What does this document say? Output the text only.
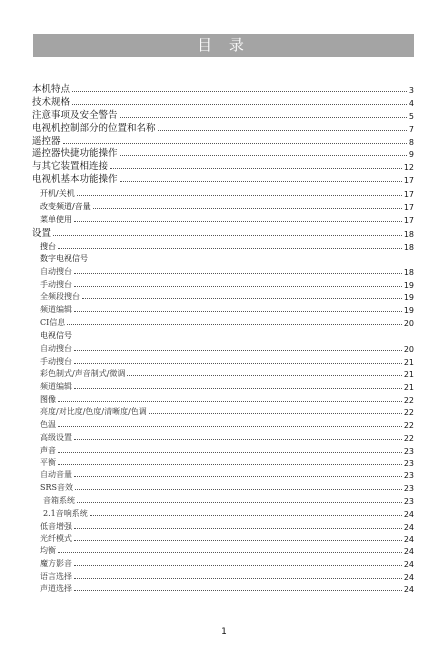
目 录
本机特点	3
技术规格	4
注意事项及安全警告	5
电视机控制部分的位置和名称	7
遥控器	8
遥控器快捷功能操作	9
与其它装置相连接	12
电视机基本功能操作	17
开机/关机	17
改变频道/音量	17
菜单使用	17
设置	18
搜台	18
数字电视信号
自动搜台	18
手动搜台	19
全频段搜台	19
频道编辑	19
CI信息	20
电视信号
自动搜台	20
手动搜台	21
彩色制式/声音制式/微调	21
频道编辑	21
图像	22
亮度/对比度/色度/清晰度/色调	22
色温	22
高级设置	22
声音	23
平衡	23
自动音量	23
SRS音效	23
音箱系统	23
2.1音响系统	24
低音增强	24
光纤模式	24
均衡	24
魔方影音	24
语言选择	24
声道选择	24
1
